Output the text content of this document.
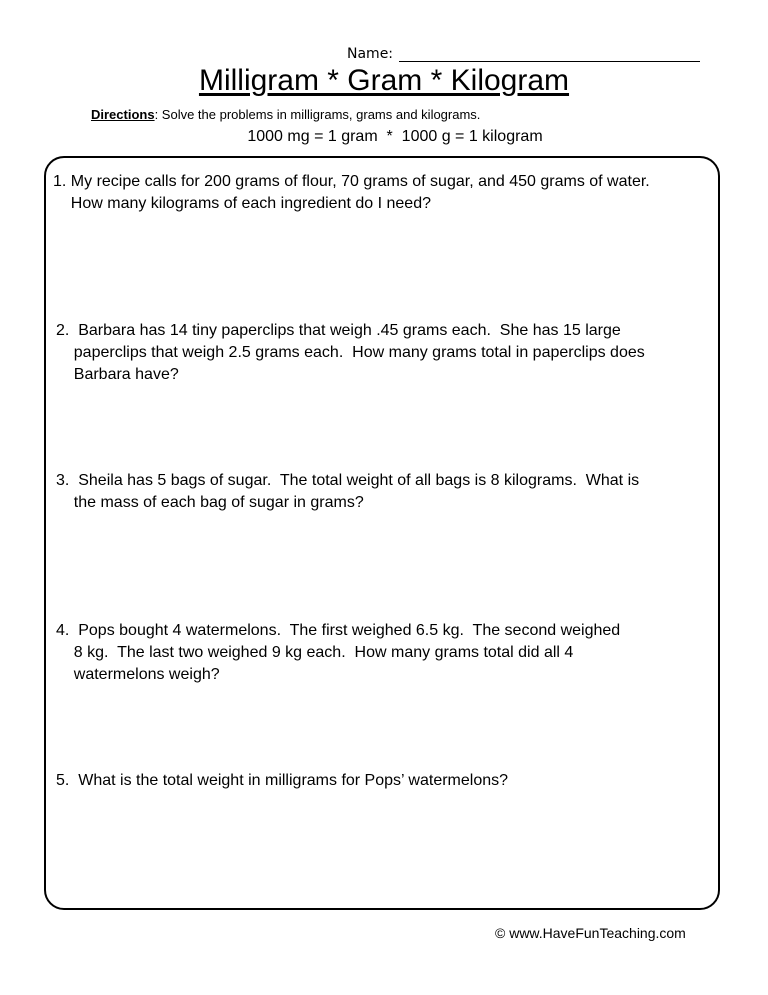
Name:
Milligram * Gram * Kilogram
Directions: Solve the problems in milligrams, grams and kilograms.
1000 mg = 1 gram  *  1000 g = 1 kilogram

1. My recipe calls for 200 grams of flour, 70 grams of sugar, and 450 grams of water.
How many kilograms of each ingredient do I need?

2.  Barbara has 14 tiny paperclips that weigh .45 grams each.  She has 15 large
paperclips that weigh 2.5 grams each.  How many grams total in paperclips does
Barbara have?

3.  Sheila has 5 bags of sugar.  The total weight of all bags is 8 kilograms.  What is
the mass of each bag of sugar in grams?

4.  Pops bought 4 watermelons.  The first weighed 6.5 kg.  The second weighed
8 kg.  The last two weighed 9 kg each.  How many grams total did all 4
watermelons weigh?

5.  What is the total weight in milligrams for Pops’ watermelons?

© www.HaveFunTeaching.com
